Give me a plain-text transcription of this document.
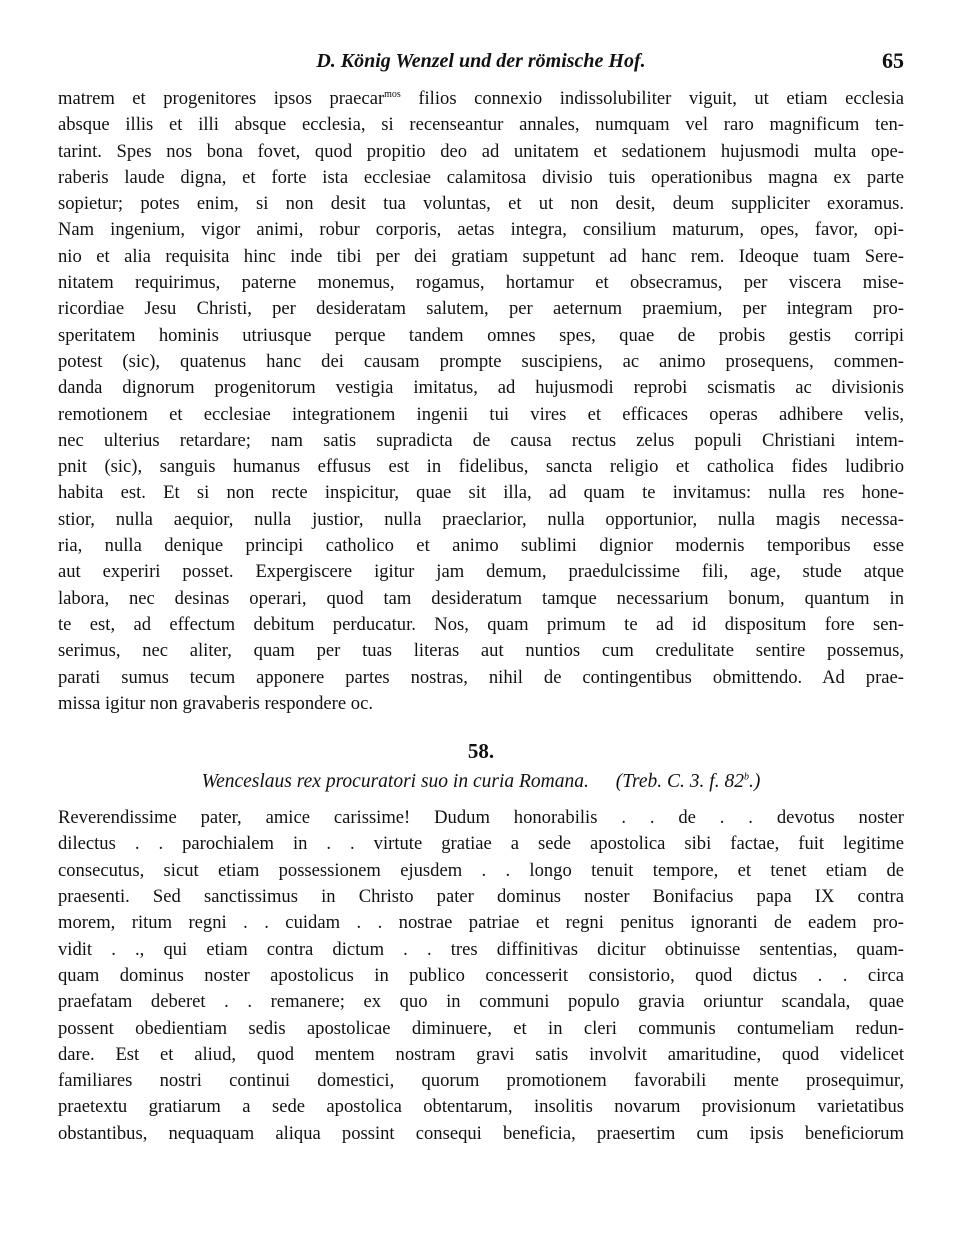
D. König Wenzel und der römische Hof.	65
matrem et progenitores ipsos praecar$^{mos}$ filios connexio indissolubiliter viguit, ut etiam ecclesia
absque illis et illi absque ecclesia, si recenseantur annales, numquam vel raro magnificum ten-
tarint. Spes nos bona fovet, quod propitio deo ad unitatem et sedationem hujusmodi multa ope-
raberis laude digna, et forte ista ecclesiae calamitosa divisio tuis operationibus magna ex parte
sopietur; potes enim, si non desit tua voluntas, et ut non desit, deum suppliciter exoramus.
Nam ingenium, vigor animi, robur corporis, aetas integra, consilium maturum, opes, favor, opi-
nio et alia requisita hinc inde tibi per dei gratiam suppetunt ad hanc rem. Ideoque tuam Sere-
nitatem requirimus, paterne monemus, rogamus, hortamur et obsecramus, per viscera mise-
ricordiae Jesu Christi, per desideratam salutem, per aeternum praemium, per integram pro-
speritatem hominis utriusque perque tandem omnes spes, quae de probis gestis corripi
potest (sic), quatenus hanc dei causam prompte suscipiens, ac animo prosequens, commen-
danda dignorum progenitorum vestigia imitatus, ad hujusmodi reprobi scismatis ac divisionis
remotionem et ecclesiae integrationem ingenii tui vires et efficaces operas adhibere velis,
nec ulterius retardare; nam satis supradicta de causa rectus zelus populi Christiani intem-
pnit (sic), sanguis humanus effusus est in fidelibus, sancta religio et catholica fides ludibrio
habita est. Et si non recte inspicitur, quae sit illa, ad quam te invitamus: nulla res hone-
stior, nulla aequior, nulla justior, nulla praeclarior, nulla opportunior, nulla magis necessa-
ria, nulla denique principi catholico et animo sublimi dignior modernis temporibus esse
aut experiri posset. Expergiscere igitur jam demum, praedulcissime fili, age, stude atque
labora, nec desinas operari, quod tam desideratum tamque necessarium bonum, quantum in
te est, ad effectum debitum perducatur. Nos, quam primum te ad id dispositum fore sen-
serimus, nec aliter, quam per tuas literas aut nuntios cum credulitate sentire possemus,
parati sumus tecum apponere partes nostras, nihil de contingentibus obmittendo. Ad prae-
missa igitur non gravaberis respondere oc.
58.
Wenceslaus rex procuratori suo in curia Romana. (Treb. C. 3. f. 82$^b$.)
Reverendissime pater, amice carissime! Dudum honorabilis . . de . . devotus noster
dilectus . . parochialem in . . virtute gratiae a sede apostolica sibi factae, fuit legitime
consecutus, sicut etiam possessionem ejusdem . . longo tenuit tempore, et tenet etiam de
praesenti. Sed sanctissimus in Christo pater dominus noster Bonifacius papa IX contra
morem, ritum regni . . cuidam . . nostrae patriae et regni penitus ignoranti de eadem pro-
vidit . ., qui etiam contra dictum . . tres diffinitivas dicitur obtinuisse sententias, quam-
quam dominus noster apostolicus in publico concesserit consistorio, quod dictus . . circa
praefatam deberet . . remanere; ex quo in communi populo gravia oriuntur scandala, quae
possent obedientiam sedis apostolicae diminuere, et in cleri communis contumeliam redun-
dare. Est et aliud, quod mentem nostram gravi satis involvit amaritudine, quod videlicet
familiares nostri continui domestici, quorum promotionem favorabili mente prosequimur,
praetextu gratiarum a sede apostolica obtentarum, insolitis novarum provisionum varietatibus
obstantibus, nequaquam aliqua possint consequi beneficia, praesertim cum ipsis beneficiorum
